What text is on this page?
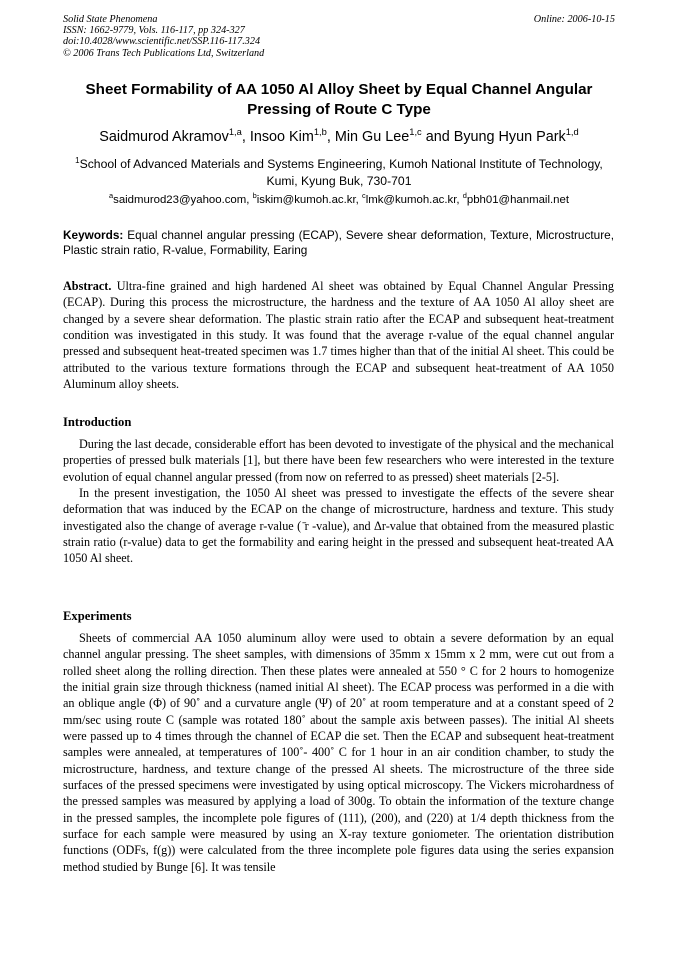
Solid State Phenomena
ISSN: 1662-9779, Vols. 116-117, pp 324-327
doi:10.4028/www.scientific.net/SSP.116-117.324
© 2006 Trans Tech Publications Ltd, Switzerland
Online: 2006-10-15
Sheet Formability of AA 1050 Al Alloy Sheet by Equal Channel Angular Pressing of Route C Type
Saidmurod Akramov$^{1,a}$, Insoo Kim$^{1,b}$, Min Gu Lee$^{1,c}$ and Byung Hyun Park$^{1,d}$
$^1$School of Advanced Materials and Systems Engineering, Kumoh National Institute of Technology, Kumi, Kyung Buk, 730-701
$^a$saidmurod23@yahoo.com, $^b$iskim@kumoh.ac.kr, $^c$lmk@kumoh.ac.kr, $^d$pbh01@hanmail.net
Keywords: Equal channel angular pressing (ECAP), Severe shear deformation, Texture, Microstructure, Plastic strain ratio, R-value, Formability, Earing

Abstract. Ultra-fine grained and high hardened Al sheet was obtained by Equal Channel Angular Pressing (ECAP). During this process the microstructure, the hardness and the texture of AA 1050 Al alloy sheet are changed by a severe shear deformation. The plastic strain ratio after the ECAP and subsequent heat-treatment condition was investigated in this study. It was found that the average r-value of the equal channel angular pressed and subsequent heat-treated specimen was 1.7 times higher than that of the initial Al sheet. This could be attributed to the various texture formations through the ECAP and subsequent heat-treatment of AA 1050 Aluminum alloy sheets.

Introduction

During the last decade, considerable effort has been devoted to investigate of the physical and the mechanical properties of pressed bulk materials [1], but there have been few researchers who were interested in the texture evolution of equal channel angular pressed (from now on referred to as pressed) sheet materials [2-5].

In the present investigation, the 1050 Al sheet was pressed to investigate the effects of the severe shear deformation that was induced by the ECAP on the change of microstructure, hardness and texture. This study investigated also the change of average r-value ( ̄r -value), and Δr-value that obtained from the measured plastic strain ratio (r-value) data to get the formability and earing height in the pressed and subsequent heat-treated AA 1050 Al sheet.

Experiments

Sheets of commercial AA 1050 aluminum alloy were used to obtain a severe deformation by an equal channel angular pressing. The sheet samples, with dimensions of 35mm x 15mm x 2 mm, were cut out from a rolled sheet along the rolling direction. Then these plates were annealed at 550 ° C for 2 hours to homogenize the initial grain size through thickness (named initial Al sheet). The ECAP process was performed in a die with an oblique angle (Φ) of 90˚ and a curvature angle (Ψ) of 20˚ at room temperature and at a constant speed of 2 mm/sec using route C (sample was rotated 180˚ about the sample axis between passes). The initial Al sheets were passed up to 4 times through the channel of ECAP die set. Then the ECAP and subsequent heat-treatment samples were annealed, at temperatures of 100˚- 400˚ C for 1 hour in an air condition chamber, to study the microstructure, hardness, and texture change of the pressed Al sheets. The microstructure of the three side surfaces of the pressed specimens were investigated by using optical microscopy. The Vickers microhardness of the pressed samples was measured by applying a load of 300g. To obtain the information of the texture change in the pressed samples, the incomplete pole figures of (111), (200), and (220) at 1/4 depth thickness from the surface for each sample were measured by using an X-ray texture goniometer. The orientation distribution functions (ODFs, f(g)) were calculated from the three incomplete pole figures data using the series expansion method studied by Bunge [6]. It was tensile
